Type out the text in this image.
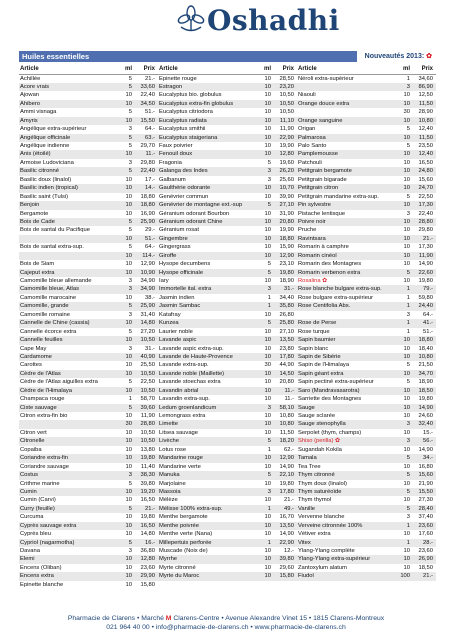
Oshadhi
Huiles essentielles	Nouveautés 2013: ✿
Article	ml	Prix
Achillée	5	21.-
Acore vrais	5	33,60
Ajowan	10	22,40
Ahibero	10	34,50
Ammi visnaga	5	51.-
Amyris	10	15,50
Angélique extra-supérieur	3	64.-
Angélique officinale	5	63.-
Angélique indienne	5	29,70
Anis (étoilé)	10	11.-
Armoise Ludoviciana	3	29,80
Basilic citronné	5	22,40
Basilic doux (linalol)	10	17.-
Basilic indien (tropical)	10	14.-
Basilic saint (Tulsi)	10	18,80
Benjoin	10	18,80
Bergamote	10	16,90
Bois de Cade	5	25,90
Bois de santal du Pacifique	5	29.-
10	51.-
Bois de santal extra-sup.	5	64.-
10	114.-
Bois de Siam	10	12,90
Cajeput extra	10	10,90
Camomille bleue allemande	3	34,90
Camomille bleue, Atlas	3	34,90
Camomille marocaine	10	38.-
Camomille, grande	5	25,90
Camomille romaine	3	31,40
Cannelle de Chine (cassia)	10	14,80
Cannelle écorce extra	5	27,20
Cannelle feuilles	10	10,50
Cape May	3	31.-
Cardamome	10	40,90
Carottes	10	25,50
Cèdre de l'Atlas	10	10,50
Cèdre de l'Atlas aiguilles extra	5	22,50
Cèdre de l'Himalaya	10	10,50
Champaca rouge	1	58,70
Ciste sauvage	5	39,60
Citron extra-fin bio	10	11,90
30	28,80
Citron vert	10	10,50
Citronelle	10	10,50
Copaiba	10	13,80
Coriandre extra-fin	10	19,80
Coriandre sauvage	10	11,40
Costus	3	38,30
Crithme marine	5	39,80
Cumin	10	19,20
Cumin (Carvi)	10	16,50
Curry (feuille)	5	21.-
Curcuma	10	19,80
Cyprès sauvage extra	10	16,50
Cyprès bleu	10	14,80
Cypriol (nagarmotha)	5	16.-
Davana	3	36,80
Elemi	10	12,80
Encens (Oliban)	10	23,60
Encens extra	10	29,90
Epinette blanche	10	15,80
Article	ml	Prix
Epinette rouge	10	28,50
Estragon	10	23,20
Eucalyptus bio. globulus	10	10,50
Eucalyptus extra-fin globulus	10	10,50
Eucalyptus citriodora	10	10,50
Eucalyptus radiata	10	11,10
Eucalyptus smithii	10	11,90
Eucalyptus staigeriana	10	22,90
Faux poivrier	10	19,90
Fenouil doux	10	12,80
Fragonia	5	19,60
Galanga des Indes	3	26,20
Galbanum	3	25,60
Gaulthérie odorante	10	10,70
Genévrier commun	10	39,90
Genévrier de montagne ext.-sup	5	27,10
Géranium odorant Bourbon	10	31,90
Géranium odorant Chine	10	20,80
Géranium rosat	10	19,90
Gingembre	10	18,80
Gingergrass	10	15,90
Giroffe	10	12,90
Hysope decumbens	5	23,10
Hysope officinale	5	19,80
Iary	10	18,90
Immortelle ital. extra	3	31.-
Jasmin indien	1	34,40
Jasmin Sambac	1	35,80
Katafray	10	26,80
Kunzea	5	25,80
Laurier noble	10	27,10
Lavande aspic	10	13,50
Lavande aspic extra-sup.	10	23,80
Lavande de Haute-Provence	10	17,80
Lavande extra-sup.	30	44,90
Lavande noble (Maillette)	10	14,50
Lavande stoechas extra	10	20,80
Lavandin abrial	10	11.-
Lavandin extra-sup.	10	11.-
Ledum groenlandicum	3	58,10
Lemongrass extra	10	10,80
Limette	10	10,80
Litsea sauvage	10	11,50
Livèche	5	18,20
Lotus rose	1	62.-
Mandarine rouge	10	12,90
Mandarine verte	10	14,90
Manuka	5	22,10
Marjolaine	10	19,80
Massoia	3	17,80
Mélèze	10	21.-
Mélisse 100% extra-sup.	1	49.-
Menthe bergamote	10	16,70
Menthe poivrée	10	13,50
Menthe verte (Nana)	10	14,90
Millepertuis perforée	1	22,90
Muscade (Noix de)	10	12.-
Myrrhe	10	39,80
Myrte citronné	10	29,60
Myrte du Maroc	10	15,80
Article	ml	Prix
Néroli extra-supérieur	1	34,60
3	86,90
Niaouli	10	12,50
Orange douce extra	10	11,50
30	28,90
Orange sanguine	10	10,80
Origan	5	12,40
Palmarosa	10	11,50
Palo Santo	5	23,50
Pamplemousse	10	12,40
Patchouli	10	16,50
Petitgrain bergamote	10	24,80
Petitgrain bigarade	10	15,60
Petitgrain citron	10	24,70
Petitgrain mandarine extra-sup.	5	22,50
Pin sylvestre	10	17,30
Pistache lentisque	3	22,40
Poivre noir	10	28,80
Pruche	10	29,80
Ravintsara	10	21.-
Romarin à camphre	10	17,30
Romarin cinéol	10	11,90
Romarin des Montagnes	10	14,90
Romarin verbenon extra	5	22,60
Rosalina ✿	10	19,80
Rose blanche bulgare extra-sup.	1	79.-
Rose bulgare extra-supérieur	1	59,80
Rose Centifolia Abs.	1	24,40
3	64.-
Rose de Perse	1	41.-
Rose turque	1	51.-
Sapin baumier	10	18,80
Sapin blanc	10	18,40
Sapin de Sibérie	10	10,80
Sapin de l'Himalaya	5	21,50
Sapin géant extra	10	34,70
Sapin pectiné extra-supérieur	5	18,90
Saro (Mandravasarotra)	10	18,50
Sarriette des Montagnes	10	19,80
Sauge	10	14,90
Sauge sclarée	10	24,60
Sauge stenophylla	3	32,40
Serpolet (thym, champs)	10	15.-
Shiso (perilla) ✿	3	56.-
Sugandah Kokila	10	14,90
Tamala	5	34.-
Tea Tree	10	16,80
Thym citronné	5	15,60
Thym doux (linalol)	10	21,90
Thym saturéoïde	5	15,50
Thym thymol	10	27,30
Vanille	5	28,40
Vervenne blanche	3	37,40
Verveine citronnée 100%	1	23,60
Vétiver extra	10	17,60
Vitex	1	28.-
Ylang-Ylang complète	10	23,60
Ylang-Ylang extra-supérieur	10	26,90
Zantoxylum alatum	10	18,50
Fiudol	100	21.-
Pharmacie de Clarens • Marché M Clarens-Centre • Avenue Alexandre Vinet 15 • 1815 Clarens-Montreux
021 964 40 00 • info@pharmacie-de-clarens.ch • www.pharmacie-de-clarens.ch
